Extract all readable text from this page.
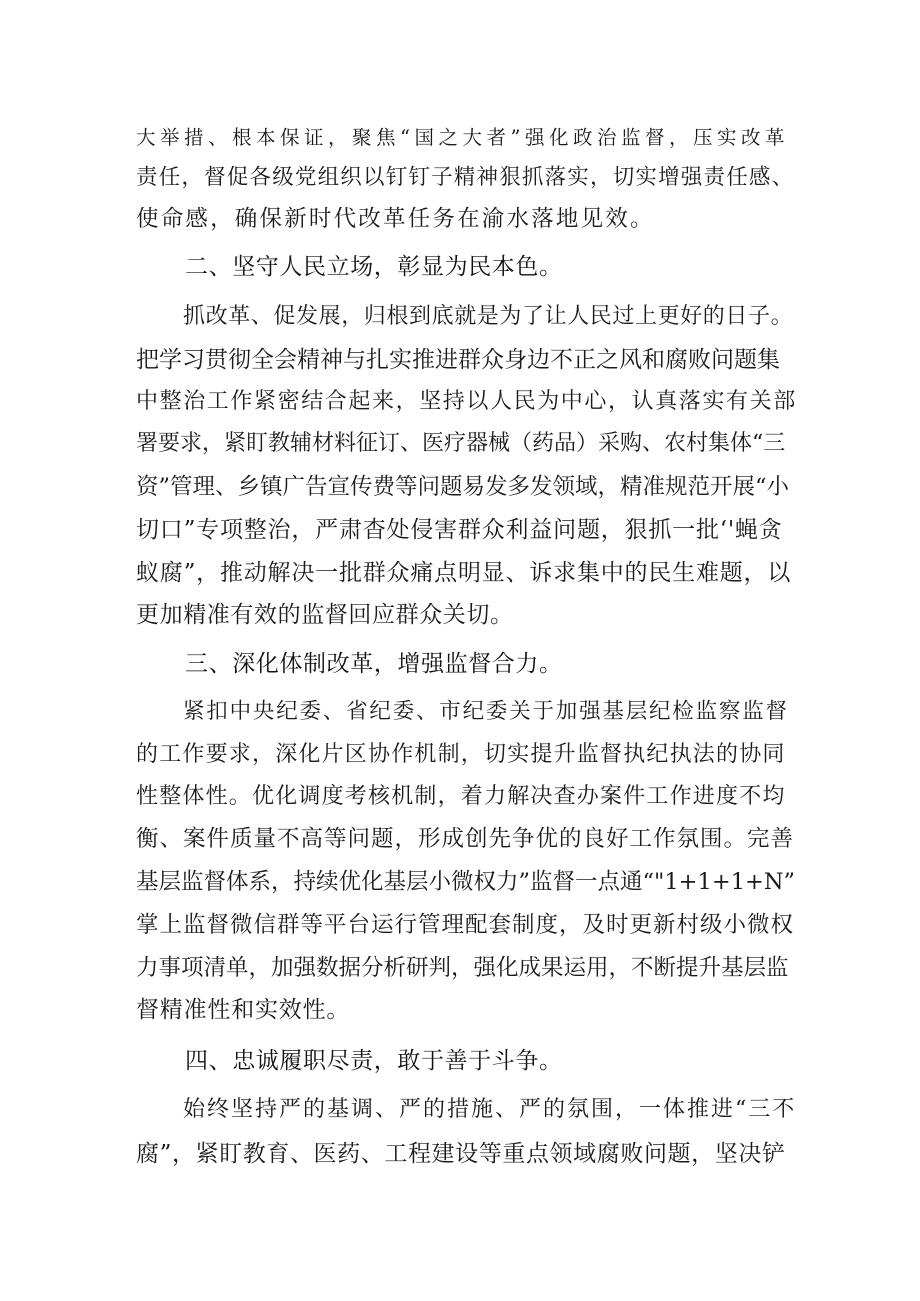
大举措、根本保证，聚焦“国之大者”强化政治监督，压实改革

责任，督促各级党组织以钉钉子精神狠抓落实，切实增强责任感、

使命感，确保新时代改革任务在渝水落地见效。

二、坚守人民立场，彰显为民本色。

抓改革、促发展，归根到底就是为了让人民过上更好的日子。

把学习贯彻全会精神与扎实推进群众身边不正之风和腐败问题集

中整治工作紧密结合起来，坚持以人民为中心，认真落实有关部

署要求，紧盯教辅材料征订、医疗器械（药品）采购、农村集体“三

资”管理、乡镇广告宣传费等问题易发多发领域，精准规范开展“小

切口”专项整治，严肃杳处侵害群众利益问题，狠抓一批‘'蝇贪

蚁腐”，推动解决一批群众痛点明显、诉求集中的民生难题，以

更加精准有效的监督回应群众关切。

三、深化体制改革，增强监督合力。

紧扣中央纪委、省纪委、市纪委关于加强基层纪检监察监督

的工作要求，深化片区协作机制，切实提升监督执纪执法的协同

性整体性。优化调度考核机制，着力解决查办案件工作进度不均

衡、案件质量不高等问题，形成创先争优的良好工作氛围。完善

基层监督体系，持续优化基层小微权力”监督一点通“"1+1+1+N”

掌上监督微信群等平台运行管理配套制度，及时更新村级小微权

力事项清单，加强数据分析研判，强化成果运用，不断提升基层监

督精准性和实效性。

四、忠诚履职尽责，敢于善于斗争。

始终坚持严的基调、严的措施、严的氛围，一体推进“三不

腐”，紧盯教育、医药、工程建设等重点领域腐败问题，坚决铲
